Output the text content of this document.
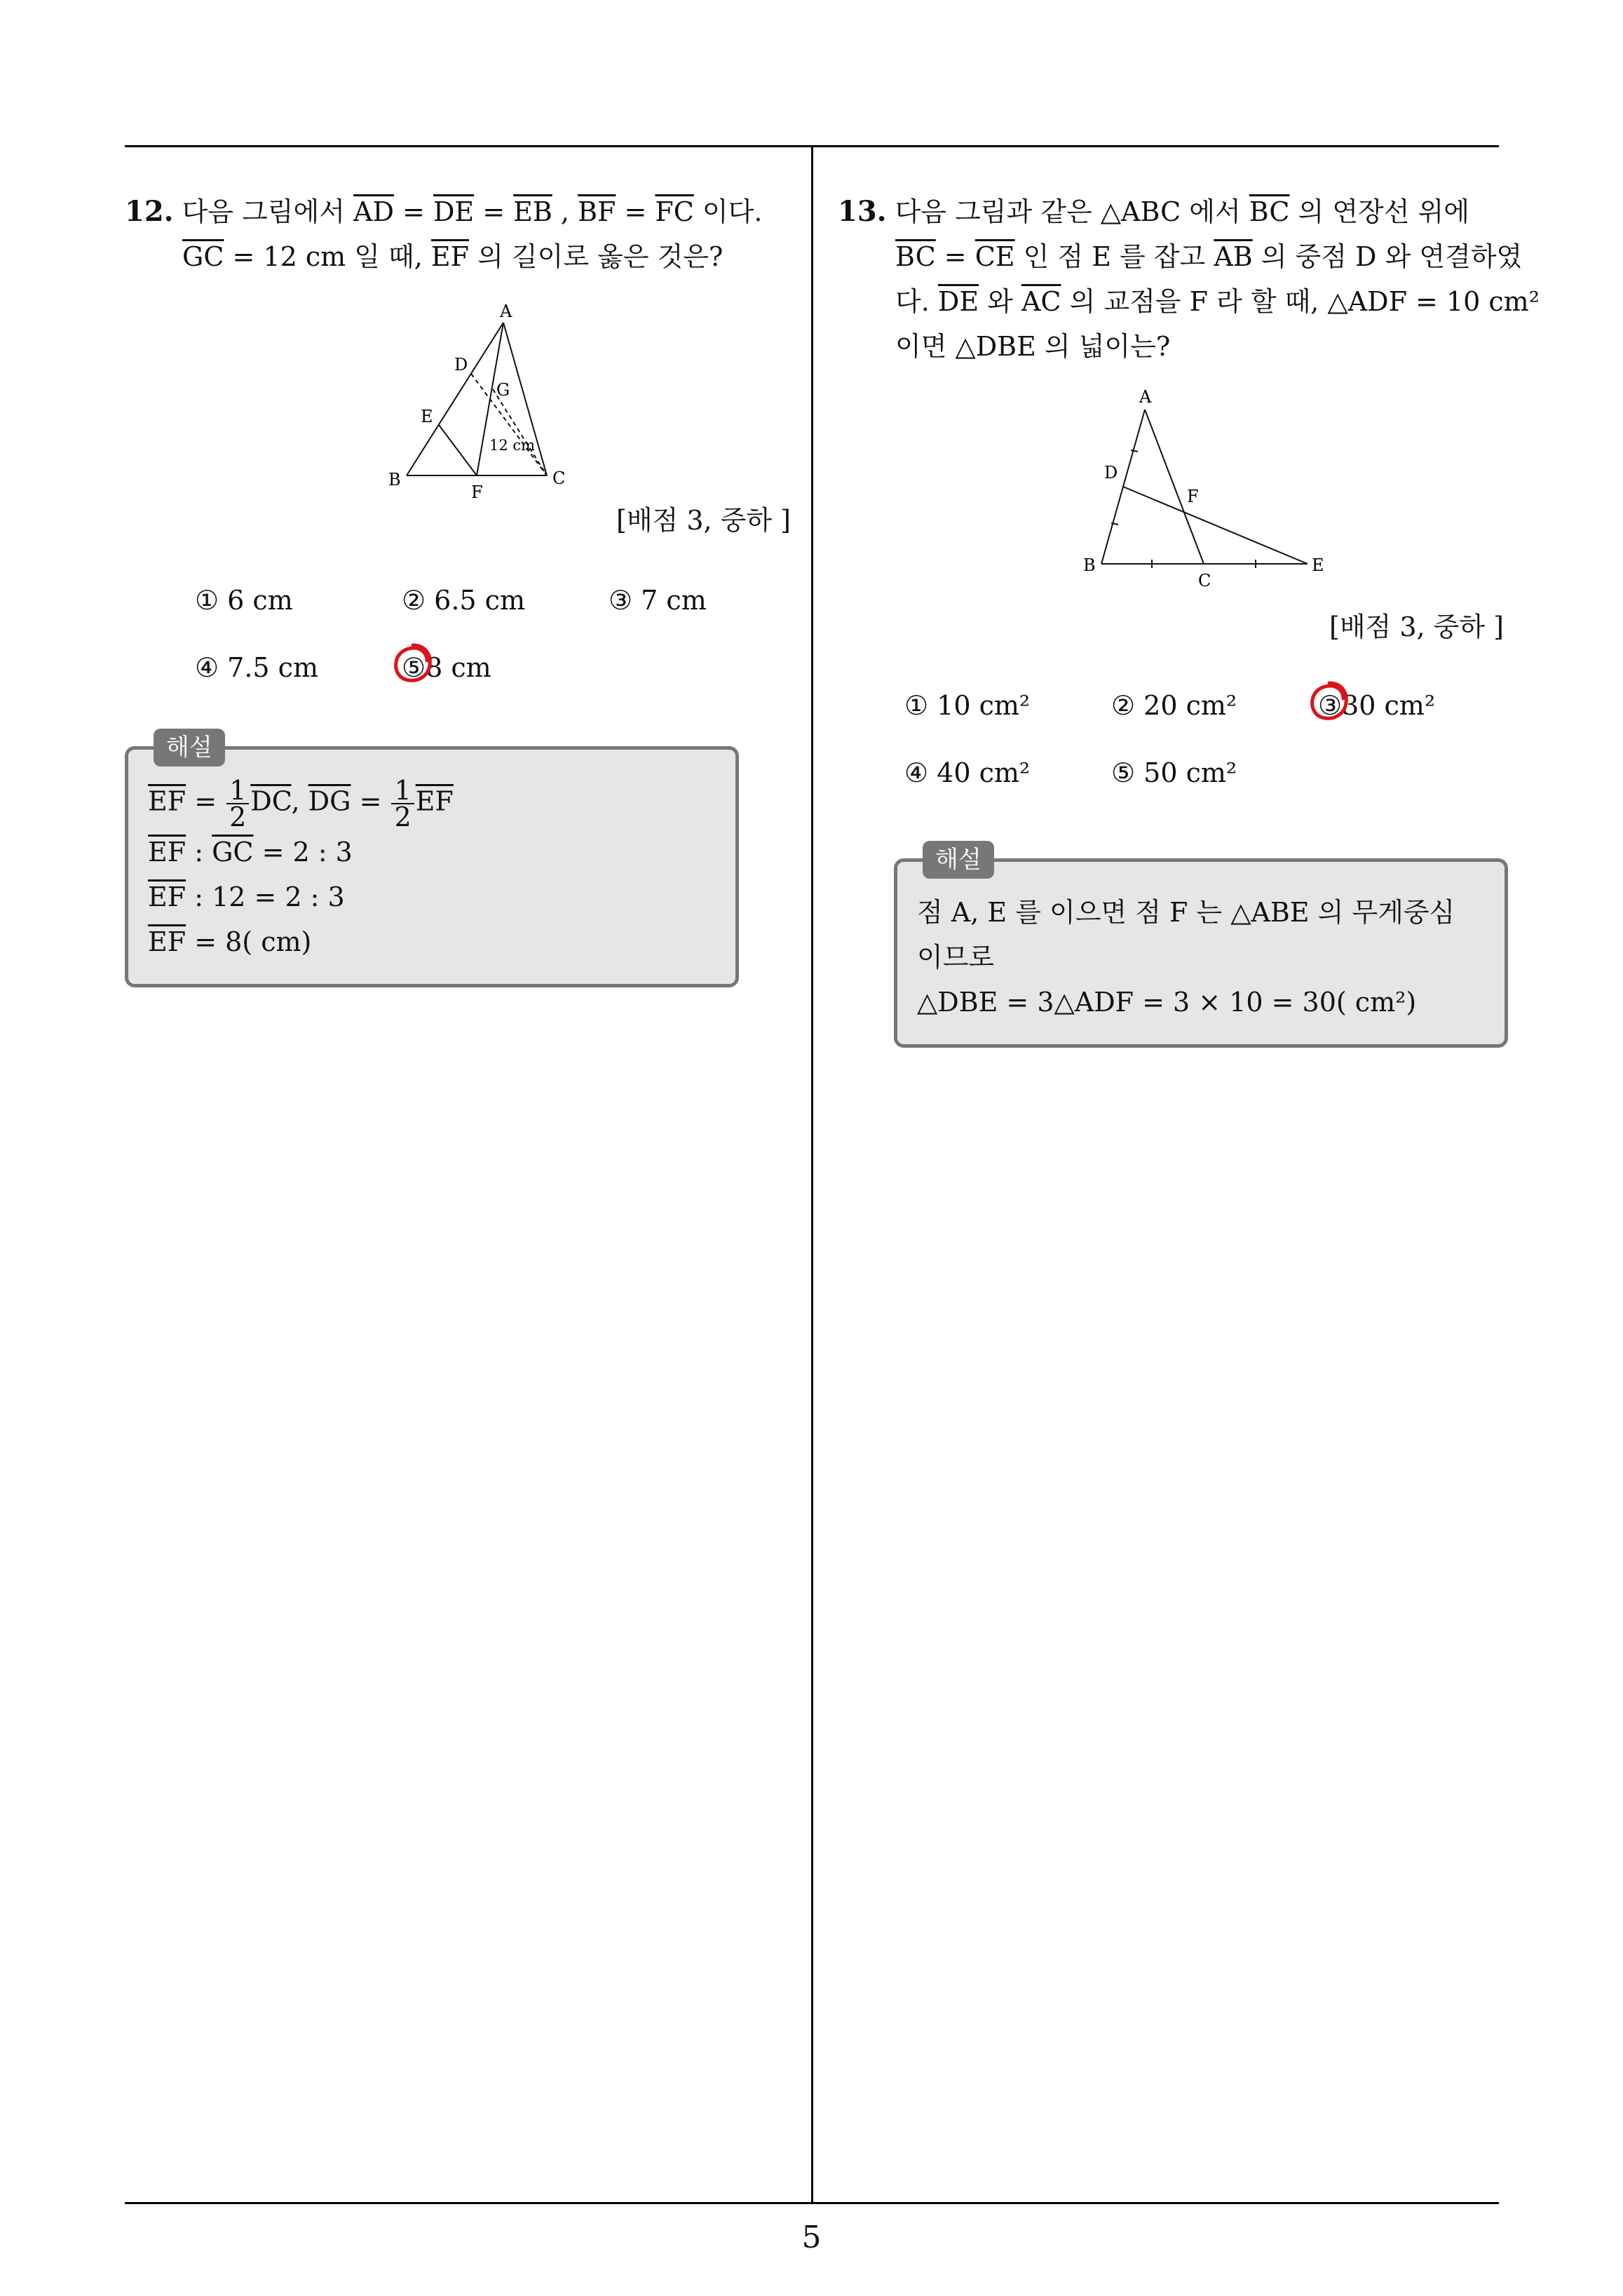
12. 다음 그림에서 $\overline{AD} = \overline{DE} = \overline{EB}$ , $\overline{BF} = \overline{FC}$ 이다.
$\overline{GC} = 12$ cm 일 때, $\overline{EF}$ 의 길이로 옳은 것은?
A
D
G
E
B
F
C
12 cm
[배점 3, 중하 ]
① 6 cm	② 6.5 cm	③ 7 cm
④ 7.5 cm	⑤8 cm
해설
$\overline{EF} = \frac{1}{2} \overline{DC}$, $\overline{DG} = \frac{1}{2} \overline{EF}$
$\overline{EF}$ : $\overline{GC} = 2$ : 3
$\overline{EF}$ : 12 = 2 : 3
$\overline{EF} = 8$( cm)
13. 다음 그림과 같은 △ABC 에서 $\overline{BC}$ 의 연장선 위에
$\overline{BC} = \overline{CE}$ 인 점 E 를 잡고 $\overline{AB}$ 의 중점 D 와 연결하였
다. $\overline{DE}$ 와 $\overline{AC}$ 의 교점을 F 라 할 때, △ADF = 10 cm²
이면 △DBE 의 넓이는?
A
D
F
B
C
E
[배점 3, 중하 ]
① 10 cm²	② 20 cm²	③30 cm²
④ 40 cm²	⑤ 50 cm²
해설
점 A, E 를 이으면 점 F 는 △ABE 의 무게중심
이므로
△DBE = 3△ADF = 3 × 10 = 30( cm²)
5
